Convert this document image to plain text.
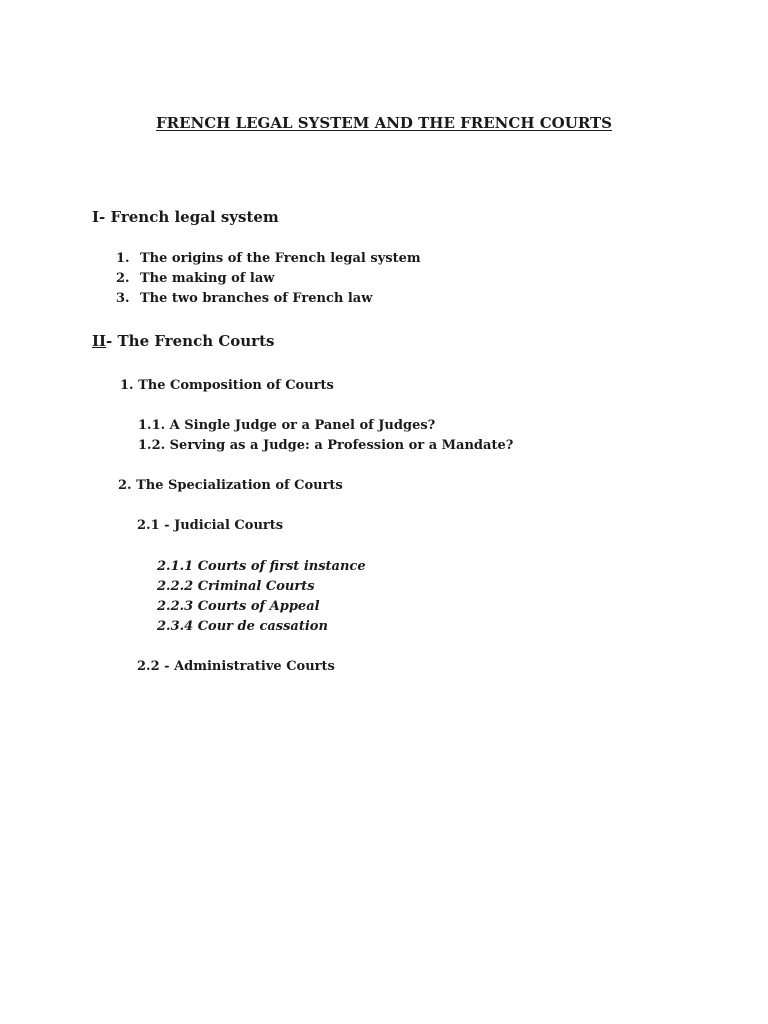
FRENCH LEGAL SYSTEM AND THE FRENCH COURTS
I- French legal system
1. The origins of the French legal system
2. The making of law
3. The two branches of French law
II- The French Courts
1. The Composition of Courts
1.1. A Single Judge or a Panel of Judges?
1.2. Serving as a Judge: a Profession or a Mandate?
2. The Specialization of Courts
2.1 - Judicial Courts
2.1.1 Courts of first instance
2.2.2 Criminal Courts
2.2.3 Courts of Appeal
2.3.4 Cour de cassation
2.2 - Administrative Courts
